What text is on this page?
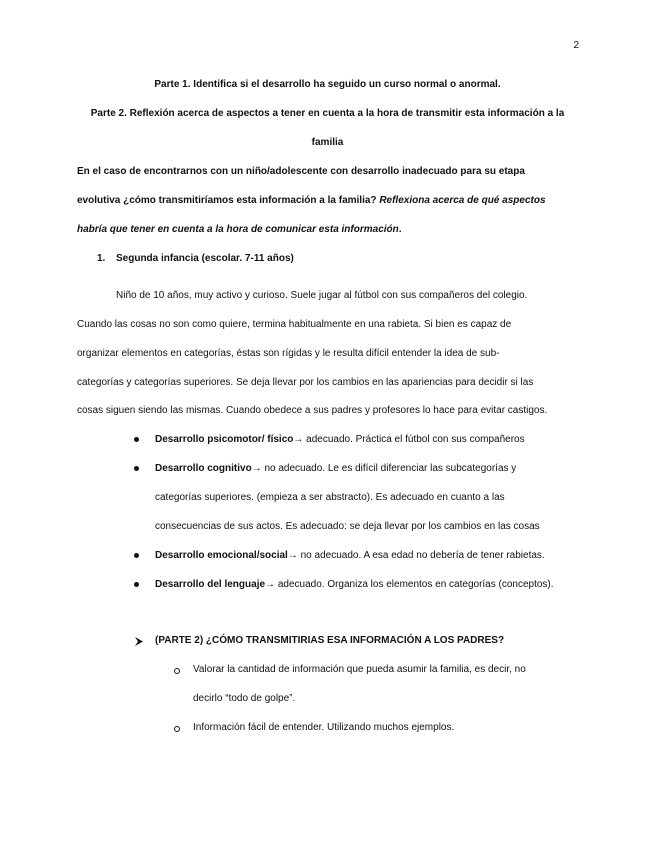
2
Parte 1. Identifica si el desarrollo ha seguido un curso normal o anormal.
Parte 2. Reflexión acerca de aspectos a tener en cuenta a la hora de transmitir esta información a la
familia
En el caso de encontrarnos con un niño/adolescente con desarrollo inadecuado para su etapa
evolutiva ¿cómo transmitiríamos esta información a la familia? Reflexiona acerca de qué aspectos
habría que tener en cuenta a la hora de comunicar esta información.
1. Segunda infancia (escolar. 7-11 años)
Niño de 10 años, muy activo y curioso. Suele jugar al fútbol con sus compañeros del colegio.
Cuando las cosas no son como quiere, termina habitualmente en una rabieta. Si bien es capaz de
organizar elementos en categorías, éstas son rígidas y le resulta difícil entender la idea de sub-
categorías y categorías superiores. Se deja llevar por los cambios en las apariencias para decidir si las
cosas siguen siendo las mismas. Cuando obedece a sus padres y profesores lo hace para evitar castigos.
Desarrollo psicomotor/ físico→ adecuado. Práctica el fútbol con sus compañeros
Desarrollo cognitivo→ no adecuado. Le es difícil diferenciar las subcategorías y
categorías superiores. (empieza a ser abstracto). Es adecuado en cuanto a las
consecuencias de sus actos. Es adecuado: se deja llevar por los cambios en las cosas
Desarrollo emocional/social→ no adecuado. A esa edad no debería de tener rabietas.
Desarrollo del lenguaje→ adecuado. Organiza los elementos en categorías (conceptos).
(PARTE 2) ¿CÓMO TRANSMITIRIAS ESA INFORMACIÓN A LOS PADRES?
Valorar la cantidad de información que pueda asumir la familia, es decir, no
decirlo “todo de golpe”.
Información fácil de entender. Utilizando muchos ejemplos.
